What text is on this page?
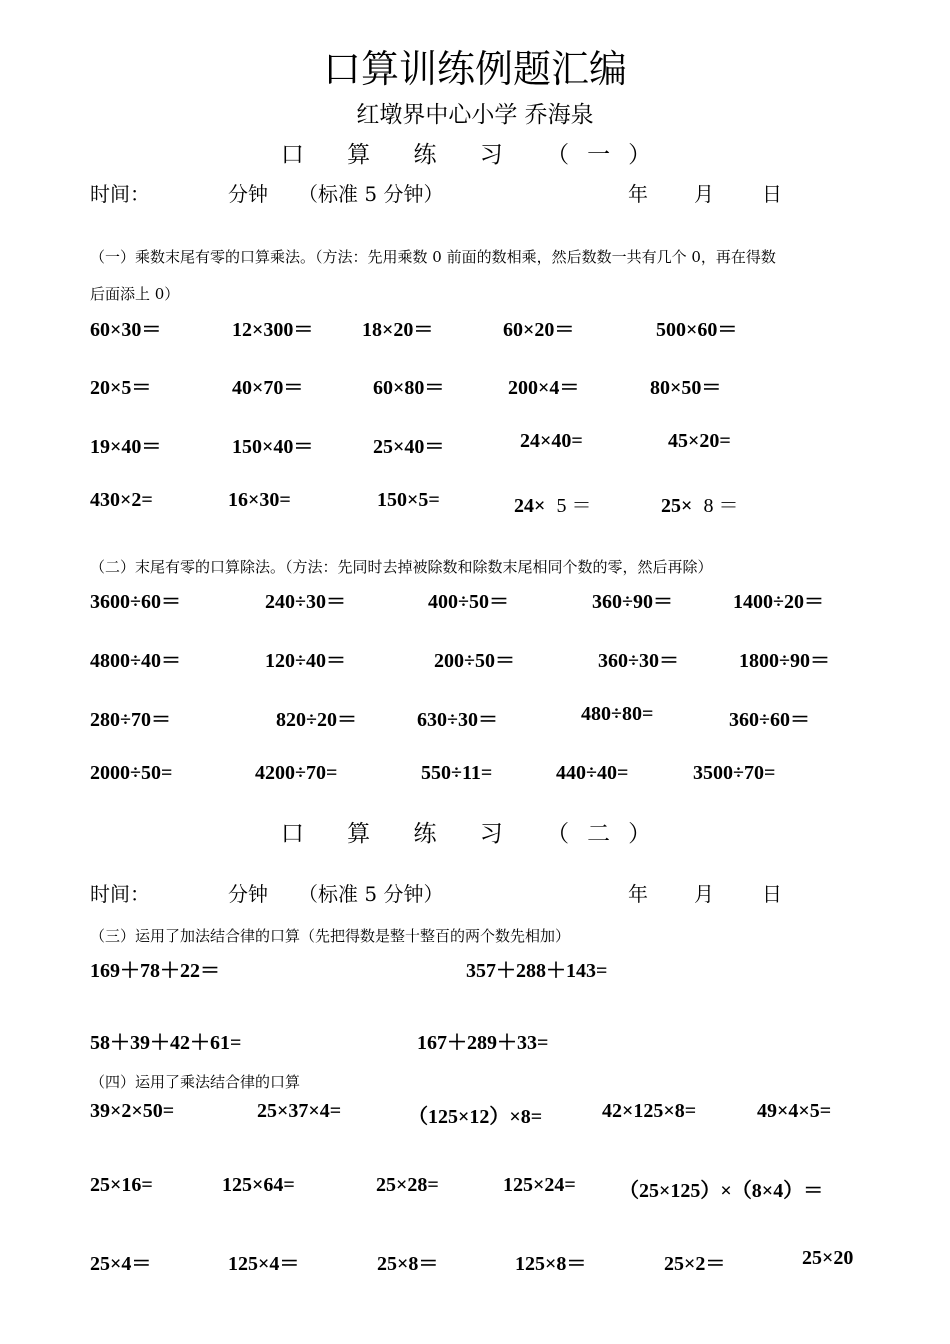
口算训练例题汇编
红墩界中心小学 乔海泉
口 算 练 习 （一）
时间：	分钟 （标准 5 分钟）	年 月 日
（一）乘数末尾有零的口算乘法。（方法：先用乘数 0 前面的数相乘，然后数数一共有几个 0，再在得数
后面添上 0）
60×30＝	12×300＝ 18×20＝	60×20＝	500×60＝
20×5＝	40×70＝	60×80＝	200×4＝	80×50＝
19×40＝	150×40＝	25×40＝	24×40=	45×20=
430×2=	16×30=	150×5=	24× 5 ＝	25× 8 ＝
（二）末尾有零的口算除法。（方法：先同时去掉被除数和除数末尾相同个数的零，然后再除）
3600÷60＝	240÷30＝	400÷50＝	360÷90＝	1400÷20＝
4800÷40＝	120÷40＝	200÷50＝	360÷30＝	1800÷90＝
280÷70＝	820÷20＝	630÷30＝	480÷80=	360÷60＝
2000÷50=	4200÷70=	550÷11=	440÷40=	3500÷70=
口 算 练 习 （二）
时间：	分钟 （标准 5 分钟）	年 月 日
（三）运用了加法结合律的口算（先把得数是整十整百的两个数先相加）
169＋78＋22＝	357＋288＋143=
58＋39＋42＋61=	167＋289＋33=
（四）运用了乘法结合律的口算
39×2×50=	25×37×4=	（125×12）×8=	42×125×8=	49×4×5=
25×16=	125×64=	25×28=	125×24= （25×125）×（8×4）＝
25×4＝	125×4＝	25×8＝	125×8＝	25×2＝	25×20
